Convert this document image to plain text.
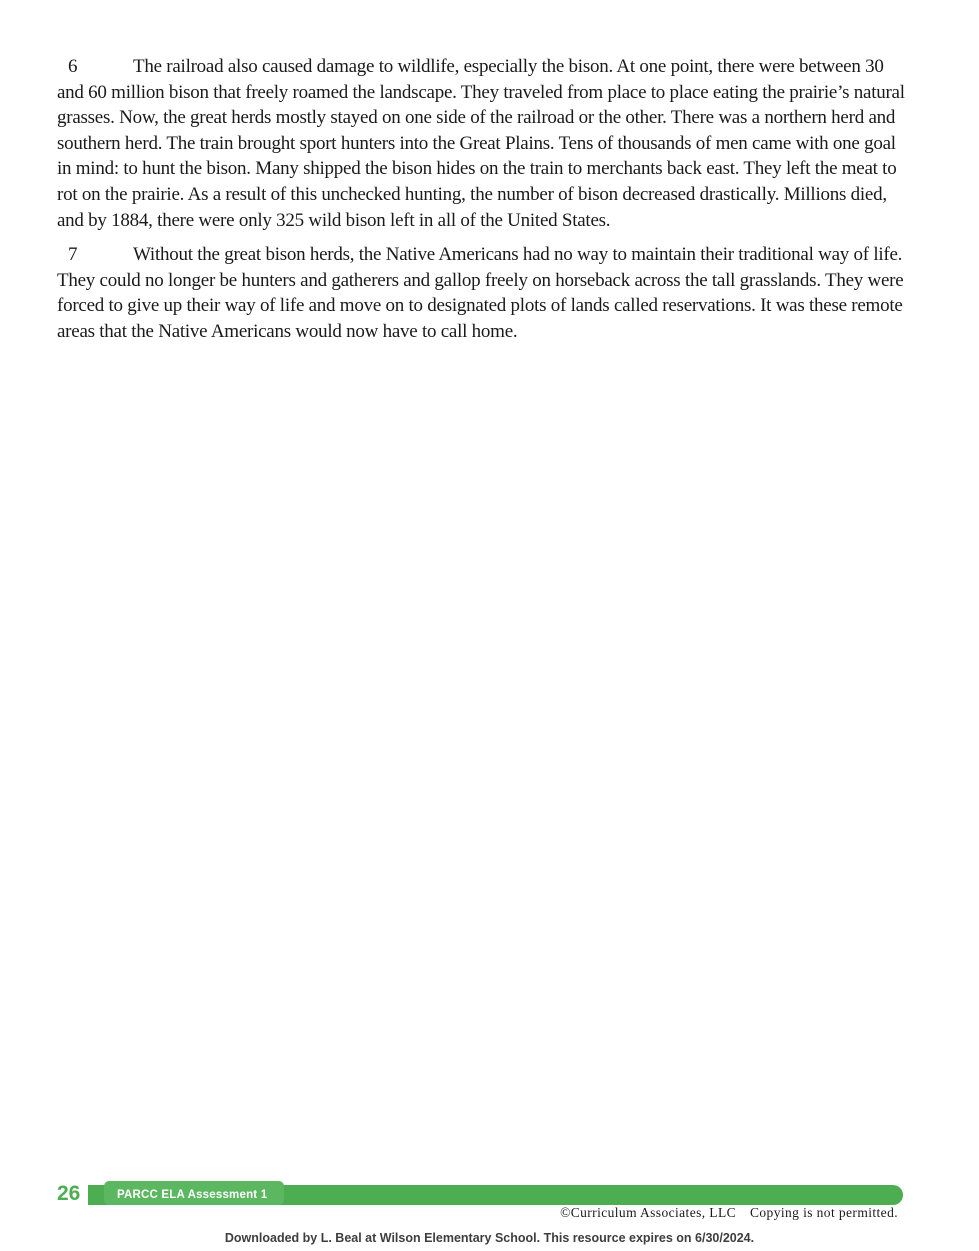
6	The railroad also caused damage to wildlife, especially the bison. At one point, there were between 30 and 60 million bison that freely roamed the landscape. They traveled from place to place eating the prairie’s natural grasses. Now, the great herds mostly stayed on one side of the railroad or the other. There was a northern herd and southern herd. The train brought sport hunters into the Great Plains. Tens of thousands of men came with one goal in mind: to hunt the bison. Many shipped the bison hides on the train to merchants back east. They left the meat to rot on the prairie. As a result of this unchecked hunting, the number of bison decreased drastically. Millions died, and by 1884, there were only 325 wild bison left in all of the United States.

7	Without the great bison herds, the Native Americans had no way to maintain their traditional way of life. They could no longer be hunters and gatherers and gallop freely on horseback across the tall grasslands. They were forced to give up their way of life and move on to designated plots of lands called reservations. It was these remote areas that the Native Americans would now have to call home.

26	PARCC ELA Assessment 1
©Curriculum Associates, LLC Copying is not permitted.
Downloaded by L. Beal at Wilson Elementary School. This resource expires on 6/30/2024.
